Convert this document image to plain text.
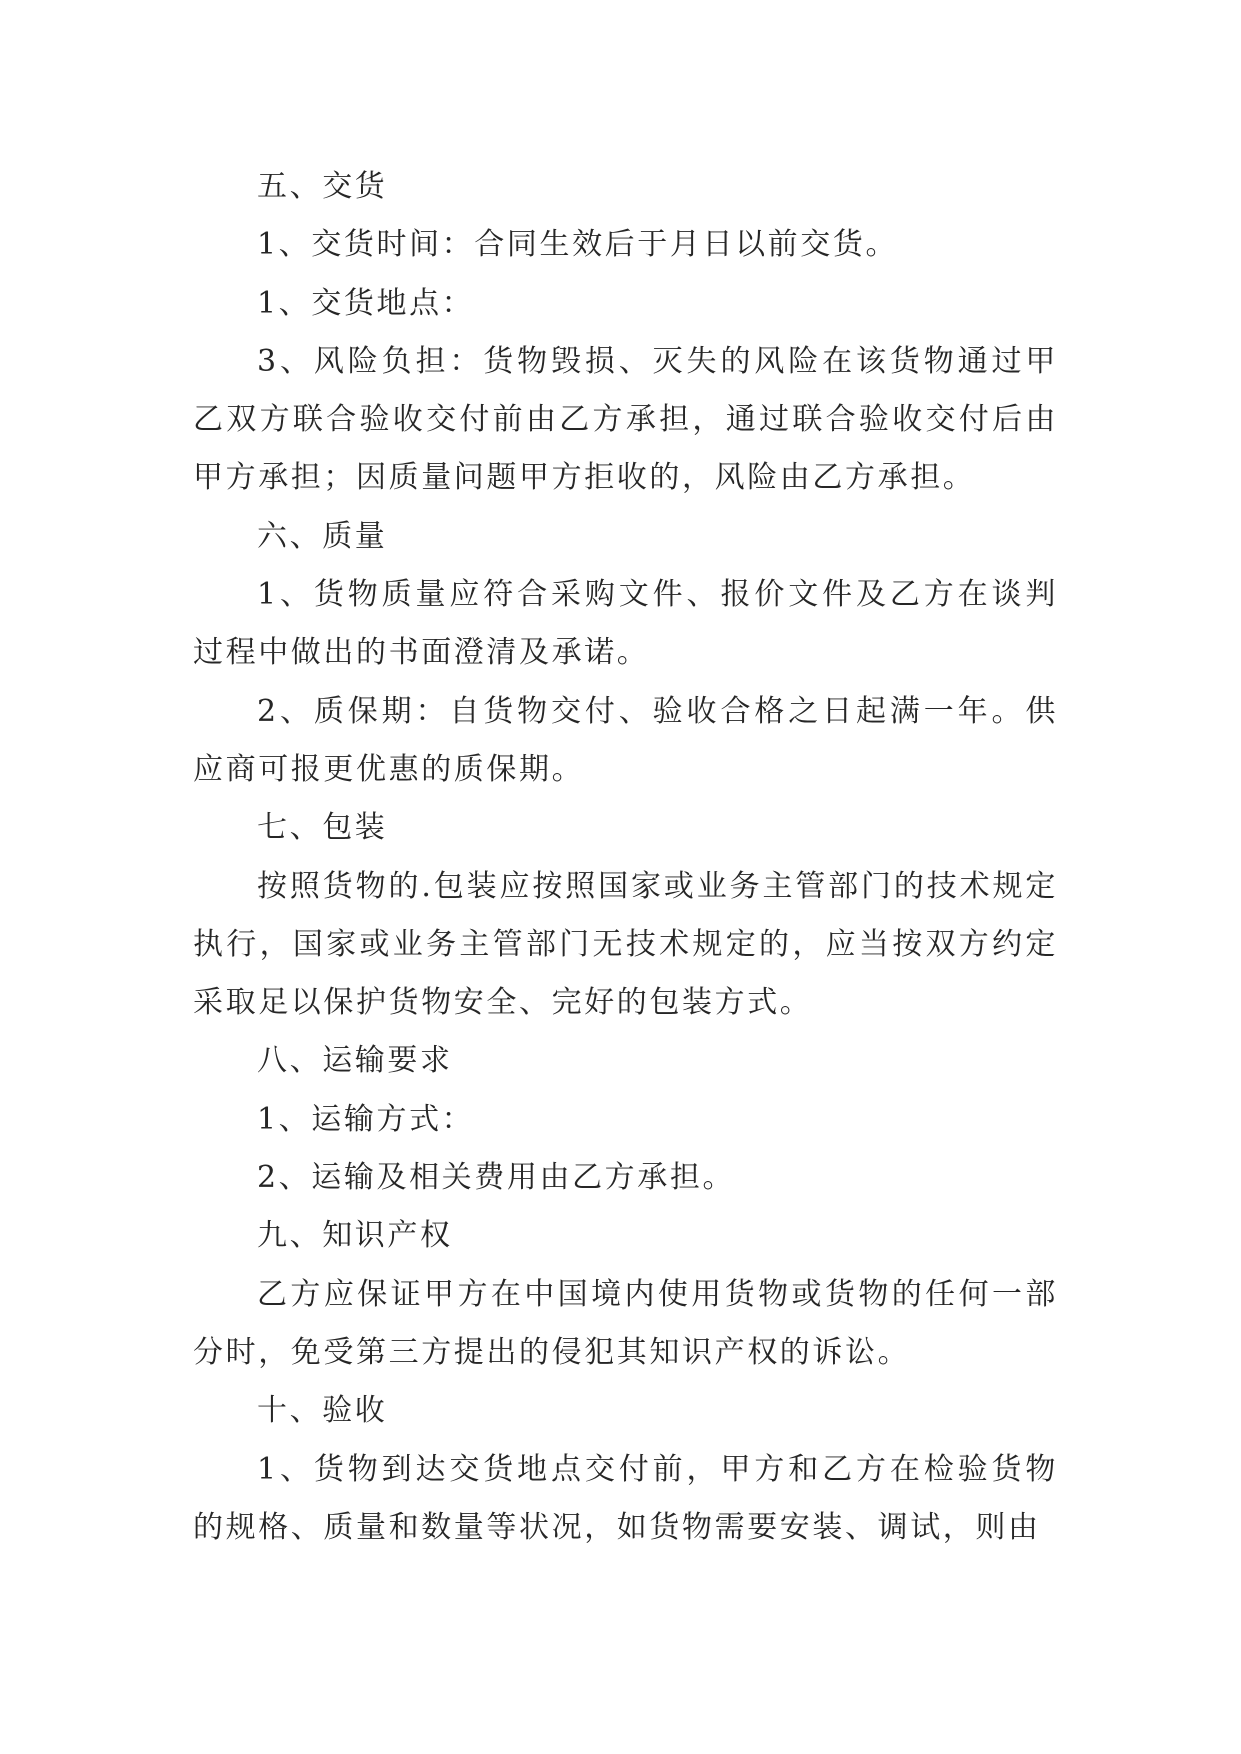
五、交货

1、交货时间：合同生效后于月日以前交货。

1、交货地点：

3、风险负担：货物毁损、灭失的风险在该货物通过甲乙双方联合验收交付前由乙方承担，通过联合验收交付后由甲方承担；因质量问题甲方拒收的，风险由乙方承担。

六、质量

1、货物质量应符合采购文件、报价文件及乙方在谈判过程中做出的书面澄清及承诺。

2、质保期：自货物交付、验收合格之日起满一年。供应商可报更优惠的质保期。

七、包装

按照货物的.包装应按照国家或业务主管部门的技术规定执行，国家或业务主管部门无技术规定的，应当按双方约定采取足以保护货物安全、完好的包装方式。

八、运输要求

1、运输方式：

2、运输及相关费用由乙方承担。

九、知识产权

乙方应保证甲方在中国境内使用货物或货物的任何一部分时，免受第三方提出的侵犯其知识产权的诉讼。

十、验收

1、货物到达交货地点交付前，甲方和乙方在检验货物的规格、质量和数量等状况，如货物需要安装、调试，则由
